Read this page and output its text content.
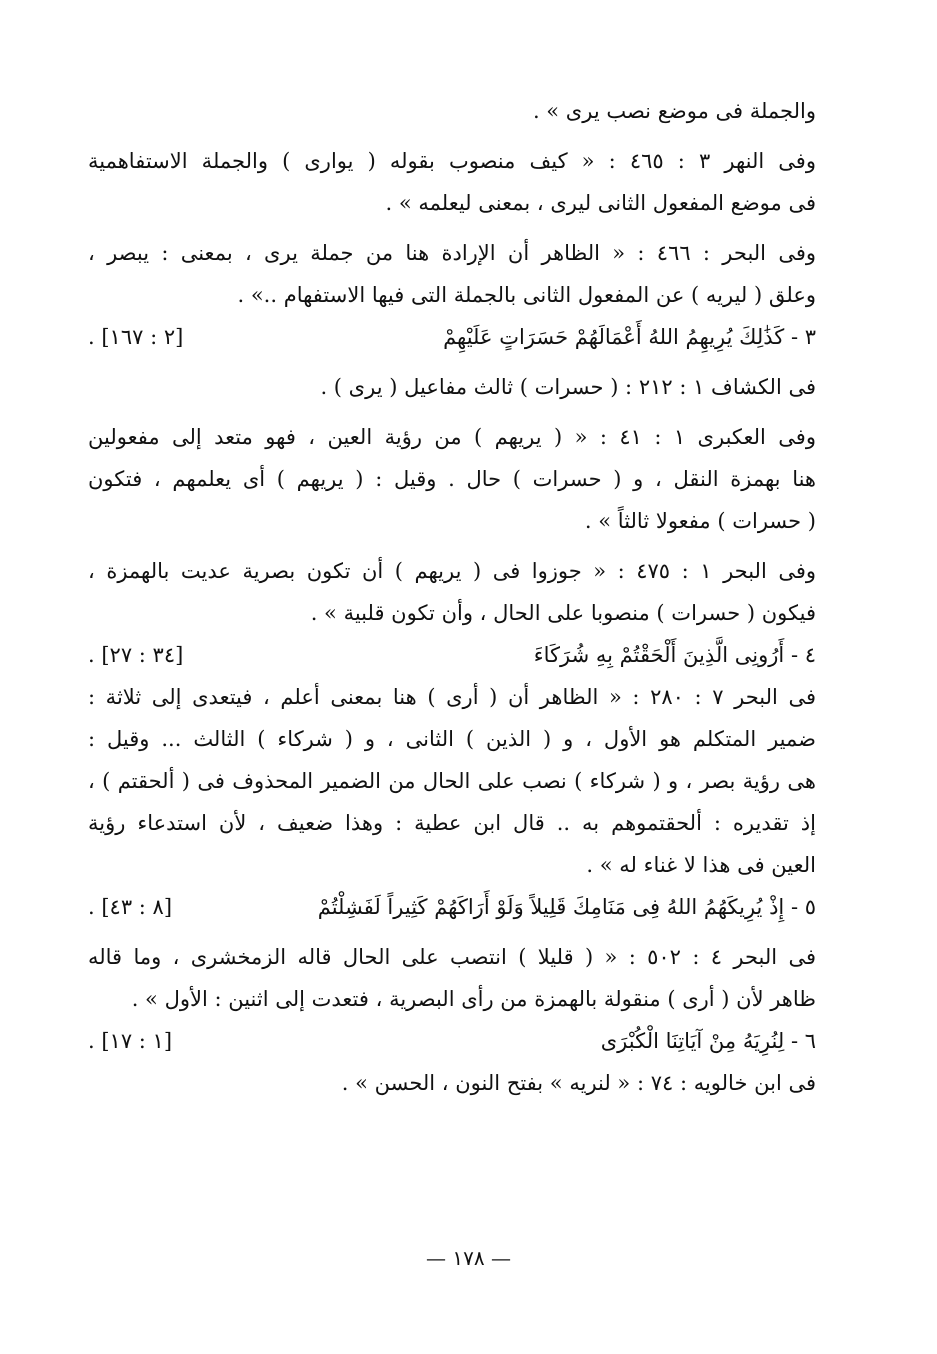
والجملة فى موضع نصب يرى » .
وفى النهر ٣ : ٤٦٥ : « كيف منصوب بقوله ( يوارى ) والجملة الاستفاهمية
فى موضع المفعول الثانى ليرى ، بمعنى ليعلمه » .
وفى البحر : ٤٦٦ : « الظاهر أن الإرادة هنا من جملة يرى ، بمعنى : يبصر ،
وعلق ( ليريه ) عن المفعول الثانى بالجملة التى فيها الاستفهام ..» .
٣ - كَذَٰلِكَ يُرِيهِمُ اللهُ أَعْمَالَهُمْ حَسَرَاتٍ عَلَيْهِمْ
[٢ : ١٦٧] .
فى الكشاف ١ : ٢١٢ : ( حسرات ) ثالث مفاعيل ( يرى ) .
وفى العكبرى ١ : ٤١ : « ( يريهم ) من رؤية العين ، فهو متعد إلى مفعولين
هنا بهمزة النقل ، و ( حسرات ) حال . وقيل : ( يريهم ) أى يعلمهم ، فتكون
( حسرات ) مفعولا ثالثاً » .
وفى البحر ١ : ٤٧٥ : « جوزوا فى ( يريهم ) أن تكون بصرية عديت بالهمزة ،
فيكون ( حسرات ) منصوبا على الحال ، وأن تكون قلبية » .
٤ - أَرُونِى الَّذِينَ أَلْحَقْتُمْ بِهِ شُرَكَاءَ
[٣٤ : ٢٧] .
فى البحر ٧ : ٢٨٠ : « الظاهر أن ( أرى ) هنا بمعنى أعلم ، فيتعدى إلى ثلاثة :
ضمير المتكلم هو الأول ، و ( الذين ) الثانى ، و ( شركاء ) الثالث ... وقيل :
هى رؤية بصر ، و ( شركاء ) نصب على الحال من الضمير المحذوف فى ( ألحقتم ) ،
إذ تقديره : ألحقتموهم به .. قال ابن عطية : وهذا ضعيف ، لأن استدعاء رؤية
العين فى هذا لا غناء له » .
٥ - إِذْ يُرِيكَهُمُ اللهُ فِى مَنَامِكَ قَلِيلاً وَلَوْ أَرَاكَهُمْ كَثِيراً لَفَشِلْتُمْ
[٨ : ٤٣] .
فى البحر ٤ : ٥٠٢ : « ( قليلا ) انتصب على الحال قاله الزمخشرى ، وما قاله
ظاهر لأن ( أرى ) منقولة بالهمزة من رأى البصرية ، فتعدت إلى اثنين : الأول » .
٦ - لِنُرِيَهُ مِنْ آيَاتِنَا الْكُبْرَى
[١ : ١٧] .
فى ابن خالويه : ٧٤ : « لنريه » بفتح النون ، الحسن » .
— ١٧٨ —
